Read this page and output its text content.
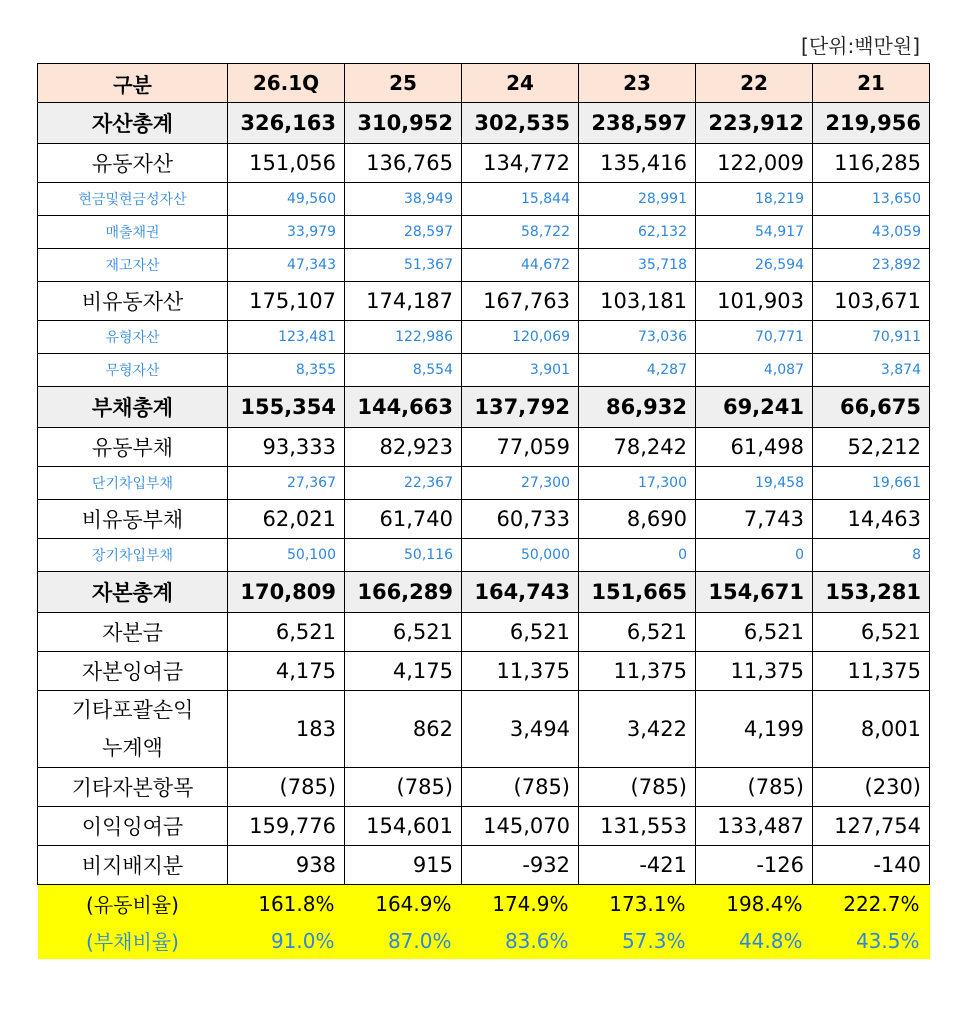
[단위:백만원]
구분	26.1Q	25	24	23	22	21
자산총계	326,163	310,952	302,535	238,597	223,912	219,956
유동자산	151,056	136,765	134,772	135,416	122,009	116,285
현금및현금성자산	49,560	38,949	15,844	28,991	18,219	13,650
매출채권	33,979	28,597	58,722	62,132	54,917	43,059
재고자산	47,343	51,367	44,672	35,718	26,594	23,892
비유동자산	175,107	174,187	167,763	103,181	101,903	103,671
유형자산	123,481	122,986	120,069	73,036	70,771	70,911
무형자산	8,355	8,554	3,901	4,287	4,087	3,874
부채총계	155,354	144,663	137,792	86,932	69,241	66,675
유동부채	93,333	82,923	77,059	78,242	61,498	52,212
단기차입부채	27,367	22,367	27,300	17,300	19,458	19,661
비유동부채	62,021	61,740	60,733	8,690	7,743	14,463
장기차입부채	50,100	50,116	50,000	0	0	8
자본총계	170,809	166,289	164,743	151,665	154,671	153,281
자본금	6,521	6,521	6,521	6,521	6,521	6,521
자본잉여금	4,175	4,175	11,375	11,375	11,375	11,375
기타포괄손익
누계액	183	862	3,494	3,422	4,199	8,001
기타자본항목	(785)	(785)	(785)	(785)	(785)	(230)
이익잉여금	159,776	154,601	145,070	131,553	133,487	127,754
비지배지분	938	915	-932	-421	-126	-140
(유동비율)	161.8%	164.9%	174.9%	173.1%	198.4%	222.7%
(부채비율)	91.0%	87.0%	83.6%	57.3%	44.8%	43.5%
